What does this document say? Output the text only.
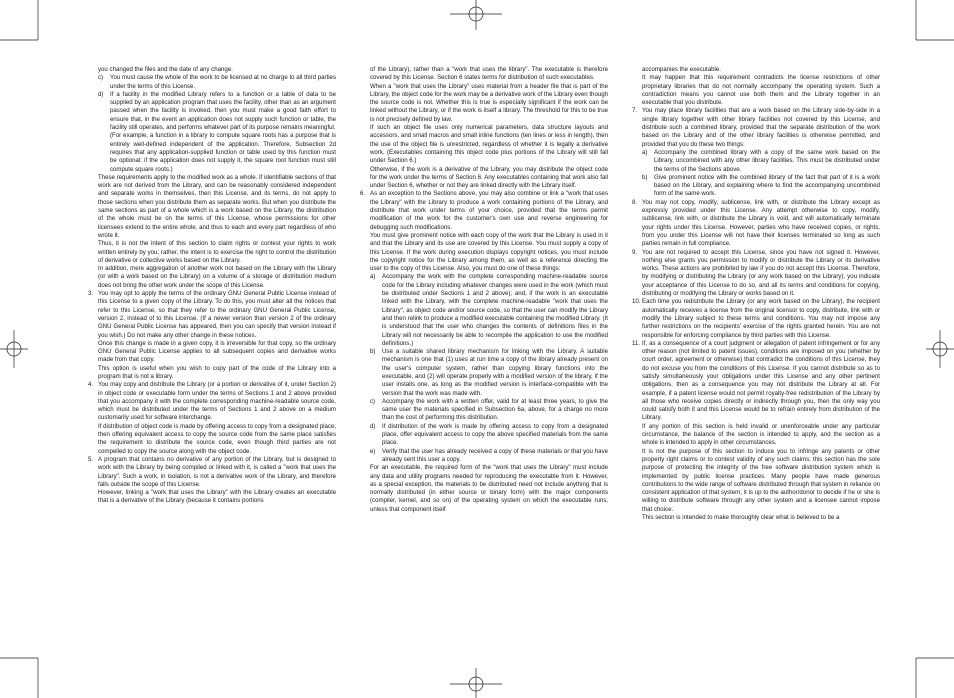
you changed the files and the date of any change.

c) You must cause the whole of the work to be licensed at no charge to all third parties under the terms of this License.

d) If a facility in the modified Library refers to a function or a table of data to be supplied by an application program that uses the facility, other than as an argument passed when the facility is invoked, then you must make a good faith effort to ensure that, in the event an application does not supply such function or table, the facility still operates, and performs whatever part of its purpose remains meaningful.

(For example, a function in a library to compute square roots has a purpose that is entirely well-defined independent of the application. Therefore, Subsection 2d requires that any application-supplied function or table used by this function must be optional: if the application does not supply it, the square root function must still compute square roots.)

These requirements apply to the modified work as a whole. If identifiable sections of that work are not derived from the Library, and can be reasonably considered independent and separate works in themselves, then this License, and its terms, do not apply to those sections when you distribute them as separate works. But when you distribute the same sections as part of a whole which is a work based on the Library, the distribution of the whole must be on the terms of this License, whose permissions for other licensees extend to the entire whole, and thus to each and every part regardless of who wrote it.

Thus, it is not the intent of this section to claim rights or contest your rights to work written entirely by you; rather, the intent is to exercise the right to control the distribution of derivative or collective works based on the Library.

In addition, mere aggregation of another work not based on the Library with the Library (or with a work based on the Library) on a volume of a storage or distribution medium does not bring the other work under the scope of this License.

3. You may opt to apply the terms of the ordinary GNU General Public License instead of this License to a given copy of the Library. To do this, you must alter all the notices that refer to this License, so that they refer to the ordinary GNU General Public License, version 2, instead of to this License. (If a newer version than version 2 of the ordinary GNU General Public License has appeared, then you can specify that version instead if you wish.) Do not make any other change in these notices.

Once this change is made in a given copy, it is irreversible for that copy, so the ordinary GNU General Public License applies to all subsequent copies and derivative works made from that copy.

This option is useful when you wish to copy part of the code of the Library into a program that is not a library.

4. You may copy and distribute the Library (or a portion or derivative of it, under Section 2) in object code or executable form under the terms of Sections 1 and 2 above provided that you accompany it with the complete corresponding machine-readable source code, which must be distributed under the terms of Sections 1 and 2 above on a medium customarily used for software interchange.

If distribution of object code is made by offering access to copy from a designated place, then offering equivalent access to copy the source code from the same place satisfies the requirement to distribute the source code, even though third parties are not compelled to copy the source along with the object code.

5. A program that contains no derivative of any portion of the Library, but is designed to work with the Library by being compiled or linked with it, is called a "work that uses the Library". Such a work, in isolation, is not a derivative work of the Library, and therefore falls outside the scope of this License.

However, linking a "work that uses the Library" with the Library creates an executable that is a derivative of the Library (because it contains portions

of the Library), rather than a "work that uses the library". The executable is therefore covered by this License. Section 6 states terms for distribution of such executables.

When a "work that uses the Library" uses material from a header file that is part of the Library, the object code for the work may be a derivative work of the Library even though the source code is not. Whether this is true is especially significant if the work can be linked without the Library, or if the work is itself a library. The threshold for this to be true is not precisely defined by law.

If such an object file uses only numerical parameters, data structure layouts and accessors, and small macros and small inline functions (ten lines or less in length), then the use of the object file is unrestricted, regardless of whether it is legally a derivative work. (Executables containing this object code plus portions of the Library will still fall under Section 6.)

Otherwise, if the work is a derivative of the Library, you may distribute the object code for the work under the terms of Section 6. Any executables containing that work also fall under Section 6, whether or not they are linked directly with the Library itself.

6. As an exception to the Sections above, you may also combine or link a "work that uses the Library" with the Library to produce a work containing portions of the Library, and distribute that work under terms of your choice, provided that the terms permit modification of the work for the customer's own use and reverse engineering for debugging such modifications.

You must give prominent notice with each copy of the work that the Library is used in it and that the Library and its use are covered by this License. You must supply a copy of this License. If the work during execution displays copyright notices, you must include the copyright notice for the Library among them, as well as a reference directing the user to the copy of this License. Also, you must do one of these things:

a) Accompany the work with the complete corresponding machine-readable source code for the Library including whatever changes were used in the work (which must be distributed under Sections 1 and 2 above); and, if the work is an executable linked with the Library, with the complete machine-readable "work that uses the Library", as object code and/or source code, so that the user can modify the Library and then relink to produce a modified executable containing the modified Library. (It is understood that the user who changes the contents of definitions files in the Library will not necessarily be able to recompile the application to use the modified definitions.)

b) Use a suitable shared library mechanism for linking with the Library. A suitable mechanism is one that (1) uses at run time a copy of the library already present on the user's computer system, rather than copying library functions into the executable, and (2) will operate properly with a modified version of the library, if the user installs one, as long as the modified version is interface-compatible with the version that the work was made with.

c) Accompany the work with a written offer, valid for at least three years, to give the same user the materials specified in Subsection 6a, above, for a charge no more than the cost of performing this distribution.

d) If distribution of the work is made by offering access to copy from a designated place, offer equivalent access to copy the above specified materials from the same place.

e) Verify that the user has already received a copy of these materials or that you have already sent this user a copy.

For an executable, the required form of the "work that uses the Library" must include any data and utility programs needed for reproducing the executable from it. However, as a special exception, the materials to be distributed need not include anything that is normally distributed (in either source or binary form) with the major components (compiler, kernel, and so on) of the operating system on which the executable runs, unless that component itself

accompanies the executable.

It may happen that this requirement contradicts the license restrictions of other proprietary libraries that do not normally accompany the operating system. Such a contradiction means you cannot use both them and the Library together in an executable that you distribute.

7. You may place library facilities that are a work based on the Library side-by-side in a single library together with other library facilities not covered by this License, and distribute such a combined library, provided that the separate distribution of the work based on the Library and of the other library facilities is otherwise permitted, and provided that you do these two things:

a) Accompany the combined library with a copy of the same work based on the Library, uncombined with any other library facilities. This must be distributed under the terms of the Sections above.

b) Give prominent notice with the combined library of the fact that part of it is a work based on the Library, and explaining where to find the accompanying uncombined form of the same work.

8. You may not copy, modify, sublicense, link with, or distribute the Library except as expressly provided under this License. Any attempt otherwise to copy, modify, sublicense, link with, or distribute the Library is void, and will automatically terminate your rights under this License. However, parties who have received copies, or rights, from you under this License will not have their licenses terminated so long as such parties remain in full compliance.

9. You are not required to accept this License, since you have not signed it. However, nothing else grants you permission to modify or distribute the Library or its derivative works. These actions are prohibited by law if you do not accept this License. Therefore, by modifying or distributing the Library (or any work based on the Library), you indicate your acceptance of this License to do so, and all its terms and conditions for copying, distributing or modifying the Library or works based on it.

10. Each time you redistribute the Library (or any work based on the Library), the recipient automatically receives a license from the original licensor to copy, distribute, link with or modify the Library subject to these terms and conditions. You may not impose any further restrictions on the recipients' exercise of the rights granted herein. You are not responsible for enforcing compliance by third parties with this License.

11. If, as a consequence of a court judgment or allegation of patent infringement or for any other reason (not limited to patent issues), conditions are imposed on you (whether by court order, agreement or otherwise) that contradict the conditions of this License, they do not excuse you from the conditions of this License. If you cannot distribute so as to satisfy simultaneously your obligations under this License and any other pertinent obligations, then as a consequence you may not distribute the Library at all. For example, if a patent license would not permit royalty-free redistribution of the Library by all those who receive copies directly or indirectly through you, then the only way you could satisfy both it and this License would be to refrain entirely from distribution of the Library.

If any portion of this section is held invalid or unenforceable under any particular circumstance, the balance of the section is intended to apply, and the section as a whole is intended to apply in other circumstances.

It is not the purpose of this section to induce you to infringe any patents or other property right claims or to contest validity of any such claims; this section has the sole purpose of protecting the integrity of the free software distribution system which is implemented by public license practices. Many people have made generous contributions to the wide range of software distributed through that system in reliance on consistent application of that system; it is up to the author/donor to decide if he or she is willing to distribute software through any other system and a licensee cannot impose that choice.

This section is intended to make thoroughly clear what is believed to be a
